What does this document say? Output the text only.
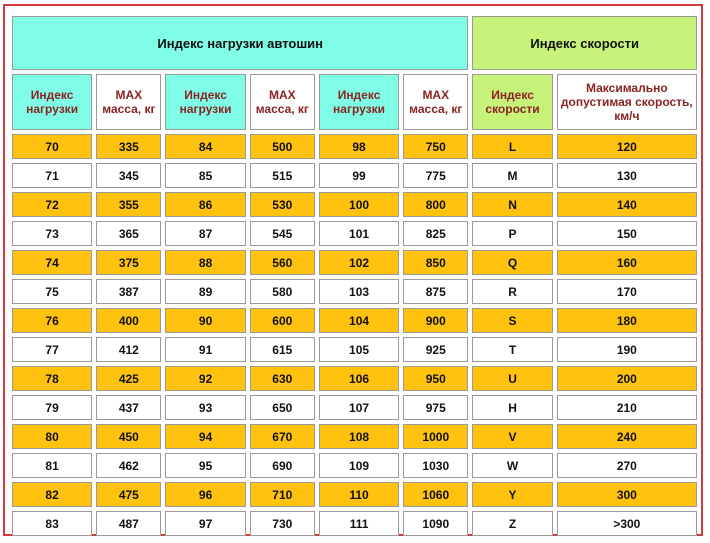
Индекс нагрузки автошин						Индекс скорости	
Индекс нагрузки	MAX масса, кг	Индекс нагрузки	MAX масса, кг	Индекс нагрузки	MAX масса, кг	Индекс скорости	Максимально допустимая скорость, км/ч
70	335	84	500	98	750	L	120
71	345	85	515	99	775	M	130
72	355	86	530	100	800	N	140
73	365	87	545	101	825	P	150
74	375	88	560	102	850	Q	160
75	387	89	580	103	875	R	170
76	400	90	600	104	900	S	180
77	412	91	615	105	925	T	190
78	425	92	630	106	950	U	200
79	437	93	650	107	975	H	210
80	450	94	670	108	1000	V	240
81	462	95	690	109	1030	W	270
82	475	96	710	110	1060	Y	300
83	487	97	730	111	1090	Z	>300
